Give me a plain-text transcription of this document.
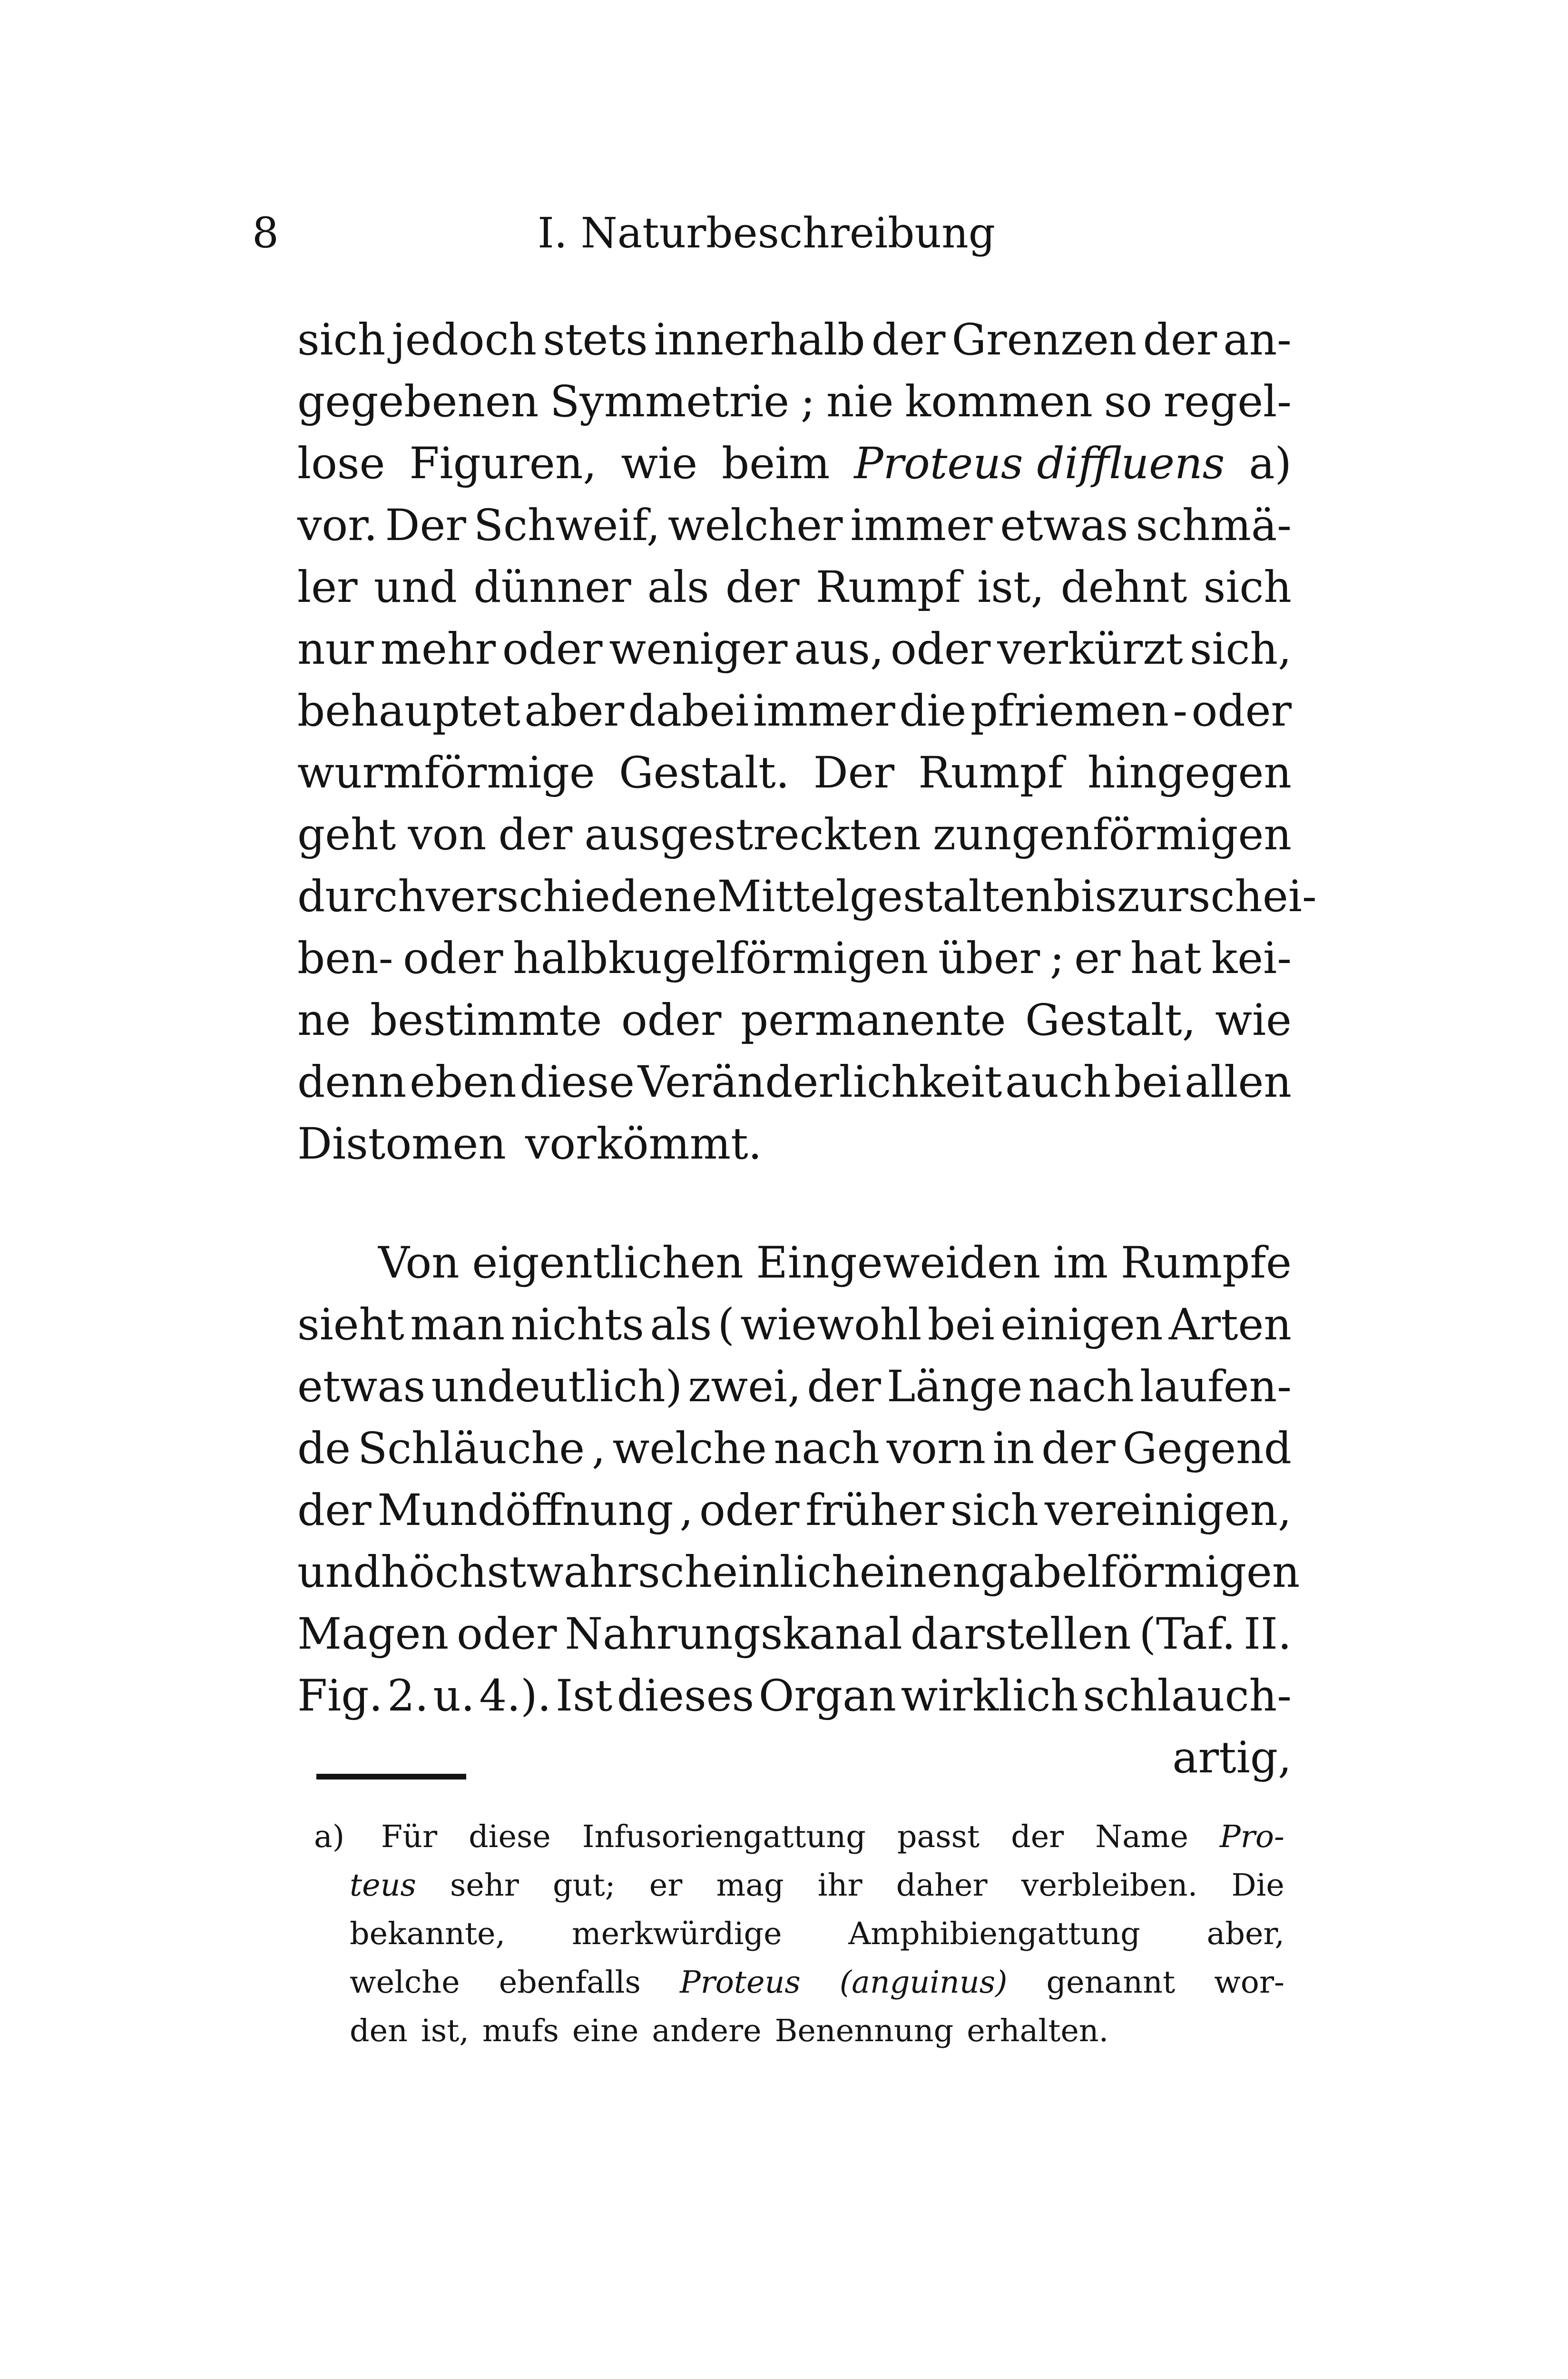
8	I. Naturbeschreibung
sich jedoch stets innerhalb der Grenzen der an-
gegebenen Symmetrie ; nie kommen so regel-
lose Figuren, wie beim Proteus diffluens a)
vor. Der Schweif, welcher immer etwas schmä-
ler und dünner als der Rumpf ist, dehnt sich
nur mehr oder weniger aus, oder verkürzt sich,
behauptet aber dabei immer die pfriemen - oder
wurmförmige Gestalt. Der Rumpf hingegen
geht von der ausgestreckten zungenförmigen
durch verschiedene Mittelgestalten bis zur schei-
ben- oder halbkugelförmigen über ; er hat kei-
ne bestimmte oder permanente Gestalt, wie
denn eben diese Veränderlichkeit auch bei allen
Distomen vorkömmt.
Von eigentlichen Eingeweiden im Rumpfe
sieht man nichts als ( wiewohl bei einigen Arten
etwas undeutlich) zwei, der Länge nach laufen-
de Schläuche , welche nach vorn in der Gegend
der Mundöffnung , oder früher sich vereinigen,
und höchst wahrscheinlich einen gabelförmigen
Magen oder Nahrungskanal darstellen (Taf. II.
Fig. 2. u. 4.). Ist dieses Organ wirklich schlauch-
artig,
a) Für diese Infusoriengattung passt der Name Pro-
teus sehr gut; er mag ihr daher verbleiben. Die
bekannte, merkwürdige Amphibiengattung aber,
welche ebenfalls Proteus (anguinus) genannt wor-
den ist, mufs eine andere Benennung erhalten.
